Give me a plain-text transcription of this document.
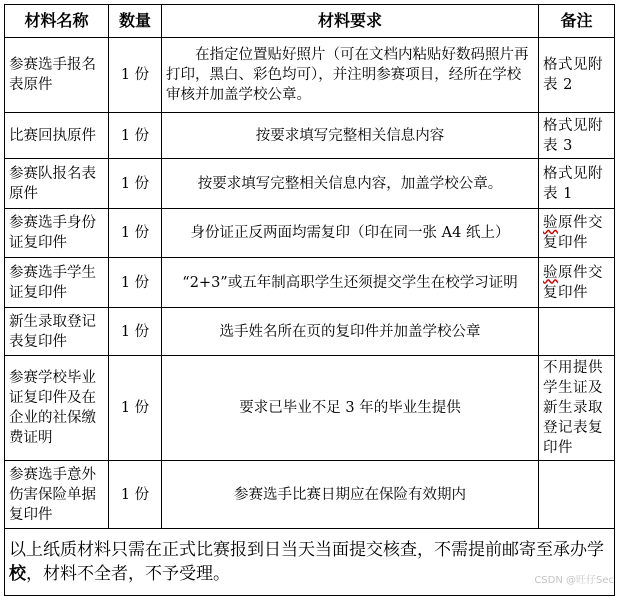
材料名称	数量	材料要求	备注
参赛选手报名表原件	1 份	在指定位置贴好照片（可在文档内粘贴好数码照片再打印，黑白、彩色均可），并注明参赛项目，经所在学校审核并加盖学校公章。	格式见附表 2
比赛回执原件	1 份	按要求填写完整相关信息内容	格式见附表 3
参赛队报名表原件	1 份	按要求填写完整相关信息内容，加盖学校公章。	格式见附表 1
参赛选手身份证复印件	1 份	身份证正反两面均需复印（印在同一张 A4 纸上）	验原件交复印件
参赛选手学生证复印件	1 份	“2+3”或五年制高职学生还须提交学生在校学习证明	验原件交复印件
新生录取登记表复印件	1 份	选手姓名所在页的复印件并加盖学校公章	
参赛学校毕业证复印件及在企业的社保缴费证明	1 份	要求已毕业不足 3 年的毕业生提供	不用提供学生证及新生录取登记表复印件
参赛选手意外伤害保险单据复印件	1 份	参赛选手比赛日期应在保险有效期内	
以上纸质材料只需在正式比赛报到日当天当面提交核查，不需提前邮寄至承办学校，材料不全者，不予受理。				CSDN @旺仔Sec
